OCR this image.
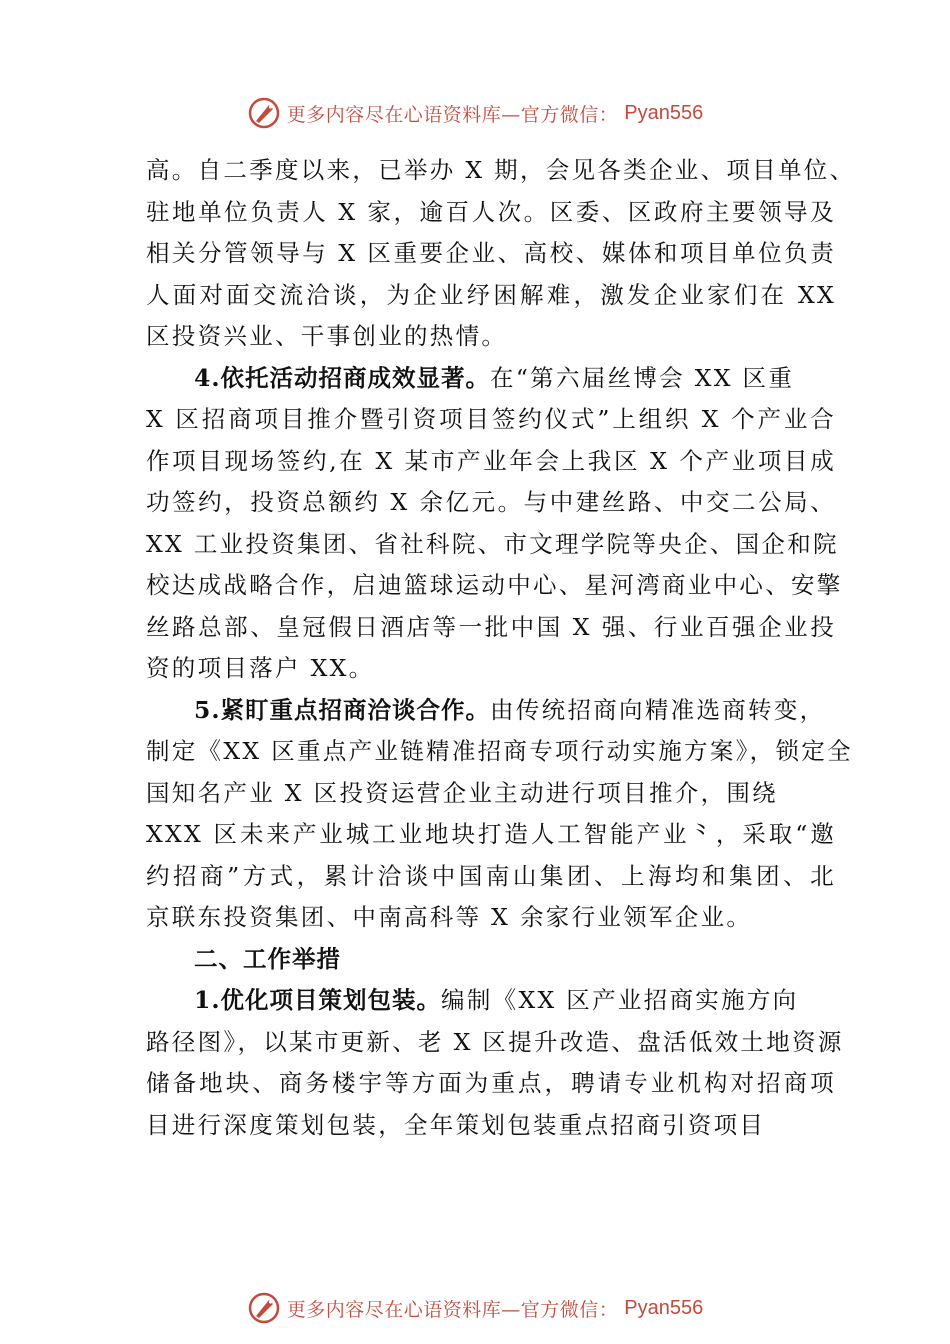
更多内容尽在心语资料库—官方微信： Pyan556
高。自二季度以来，已举办 X 期，会见各类企业、项目单位、
驻地单位负责人 X 家，逾百人次。区委、区政府主要领导及
相关分管领导与 X 区重要企业、高校、媒体和项目单位负责
人面对面交流洽谈，为企业纾困解难，激发企业家们在 XX
区投资兴业、干事创业的热情。
4.依托活动招商成效显著。在“第六届丝博会 XX 区重
X 区招商项目推介暨引资项目签约仪式”上组织 X 个产业合
作项目现场签约,在 X 某市产业年会上我区 X 个产业项目成
功签约，投资总额约 X 余亿元。与中建丝路、中交二公局、
XX 工业投资集团、省社科院、市文理学院等央企、国企和院
校达成战略合作，启迪篮球运动中心、星河湾商业中心、安擎
丝路总部、皇冠假日酒店等一批中国 X 强、行业百强企业投
资的项目落户 XX。
5.紧盯重点招商洽谈合作。由传统招商向精准选商转变，
制定《XX 区重点产业链精准招商专项行动实施方案》，锁定全
国知名产业 X 区投资运营企业主动进行项目推介，围绕
XXX 区未来产业城工业地块打造人工智能产业⺀，采取“邀
约招商”方式，累计洽谈中国南山集团、上海均和集团、北
京联东投资集团、中南高科等 X 余家行业领军企业。
二、工作举措
1.优化项目策划包装。编制《XX 区产业招商实施方向
路径图》，以某市更新、老 X 区提升改造、盘活低效土地资源
储备地块、商务楼宇等方面为重点，聘请专业机构对招商项
目进行深度策划包装，全年策划包装重点招商引资项目
更多内容尽在心语资料库—官方微信： Pyan556
